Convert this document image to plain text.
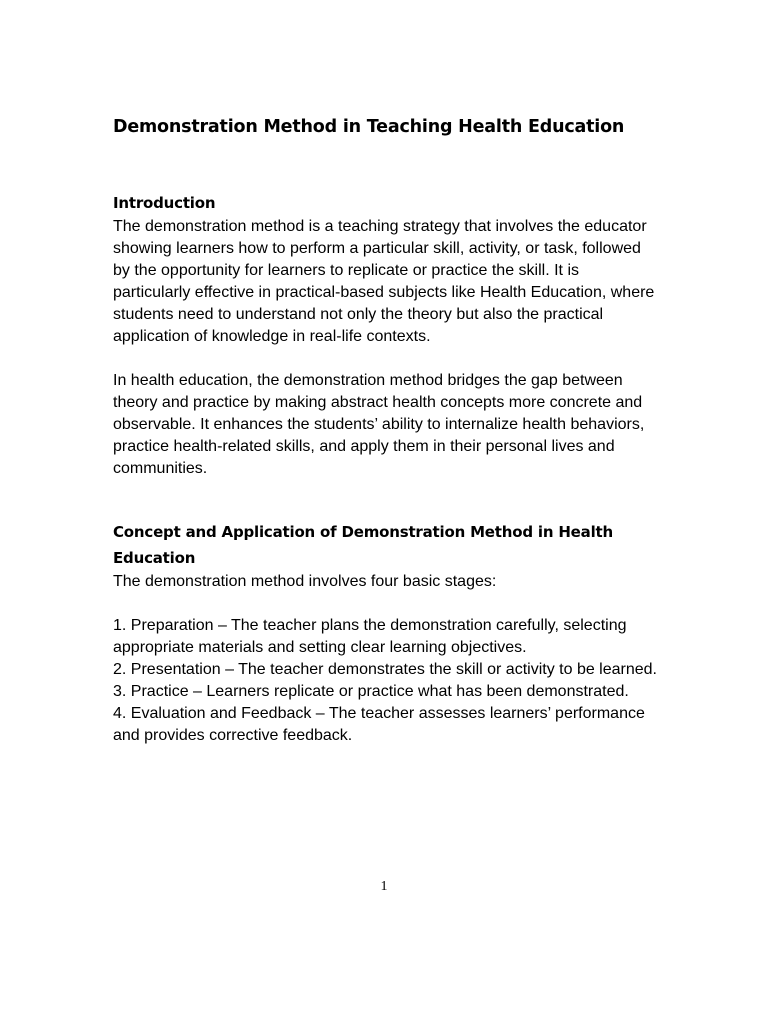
Demonstration Method in Teaching Health Education
Introduction

The demonstration method is a teaching strategy that involves the educator showing learners how to perform a particular skill, activity, or task, followed by the opportunity for learners to replicate or practice the skill. It is particularly effective in practical-based subjects like Health Education, where students need to understand not only the theory but also the practical application of knowledge in real-life contexts.

In health education, the demonstration method bridges the gap between theory and practice by making abstract health concepts more concrete and observable. It enhances the students’ ability to internalize health behaviors, practice health-related skills, and apply them in their personal lives and communities.

Concept and Application of Demonstration Method in Health Education

The demonstration method involves four basic stages:

1. Preparation – The teacher plans the demonstration carefully, selecting appropriate materials and setting clear learning objectives.
2. Presentation – The teacher demonstrates the skill or activity to be learned.
3. Practice – Learners replicate or practice what has been demonstrated.
4. Evaluation and Feedback – The teacher assesses learners’ performance and provides corrective feedback.
1
